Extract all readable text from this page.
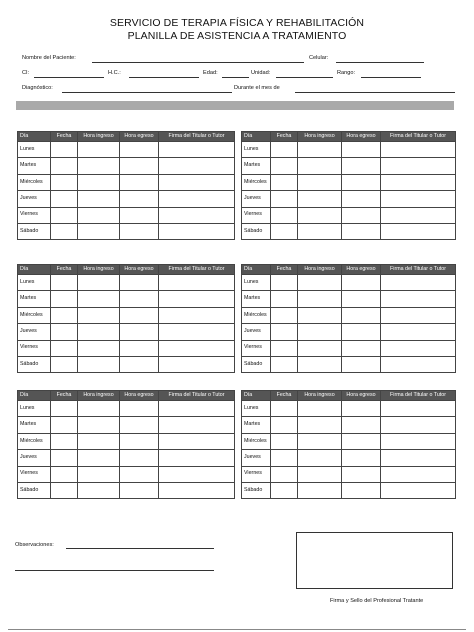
SERVICIO DE TERAPIA FÍSICA Y REHABILITACIÓN
PLANILLA DE ASISTENCIA A TRATAMIENTO
Nombre del Paciente:	Celular:
CI:	H.C.:	Edad:	Unidad:	Rango:
Diagnóstico:	Durante el mes de
Día	Fecha	Hora ingreso	Hora egreso	Firma del Titular o Tutor
Lunes				
Martes				
Miércoles				
Jueves				
Viernes				
Sábado				
Día	Fecha	Hora ingreso	Hora egreso	Firma del Titular o Tutor
Lunes				
Martes				
Miércoles				
Jueves				
Viernes				
Sábado				
Día	Fecha	Hora ingreso	Hora egreso	Firma del Titular o Tutor
Lunes				
Martes				
Miércoles				
Jueves				
Viernes				
Sábado				
Día	Fecha	Hora ingreso	Hora egreso	Firma del Titular o Tutor
Lunes				
Martes				
Miércoles				
Jueves				
Viernes				
Sábado				
Día	Fecha	Hora ingreso	Hora egreso	Firma del Titular o Tutor
Lunes				
Martes				
Miércoles				
Jueves				
Viernes				
Sábado				
Día	Fecha	Hora ingreso	Hora egreso	Firma del Titular o Tutor
Lunes				
Martes				
Miércoles				
Jueves				
Viernes				
Sábado				
Observaciones:
Firma y Sello del Profesional Tratante
